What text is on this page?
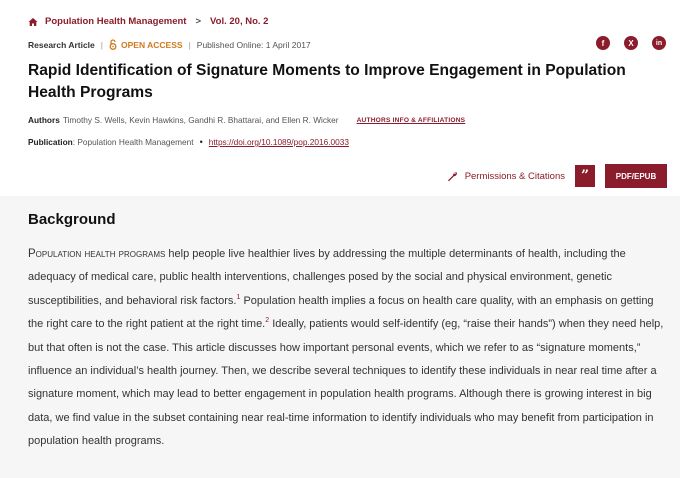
Population Health Management > Vol. 20, No. 2
Research Article | OPEN ACCESS | Published Online: 1 April 2017	f	X	in
Rapid Identification of Signature Moments to Improve Engagement in Population Health Programs
Authors Timothy S. Wells, Kevin Hawkins, Gandhi R. Bhattarai, and Ellen R. Wicker	AUTHORS INFO & AFFILIATIONS
Publication : Population Health Management • https://doi.org/10.1089/pop.2016.0033
Permissions & Citations	”	PDF/EPUB
Background

Population health programs help people live healthier lives by addressing the multiple determinants of health, including the adequacy of medical care, public health interventions, challenges posed by the social and physical environment, genetic susceptibilities, and behavioral risk factors.$^1$ Population health implies a focus on health care quality, with an emphasis on getting the right care to the right patient at the right time.$^2$ Ideally, patients would self-identify (eg, “raise their hands”) when they need help, but that often is not the case. This article discusses how important personal events, which we refer to as “signature moments,” influence an individual’s health journey. Then, we describe several techniques to identify these individuals in near real time after a signature moment, which may lead to better engagement in population health programs. Although there is growing interest in big data, we find value in the subset containing near real-time information to identify individuals who may benefit from participation in population health programs.
